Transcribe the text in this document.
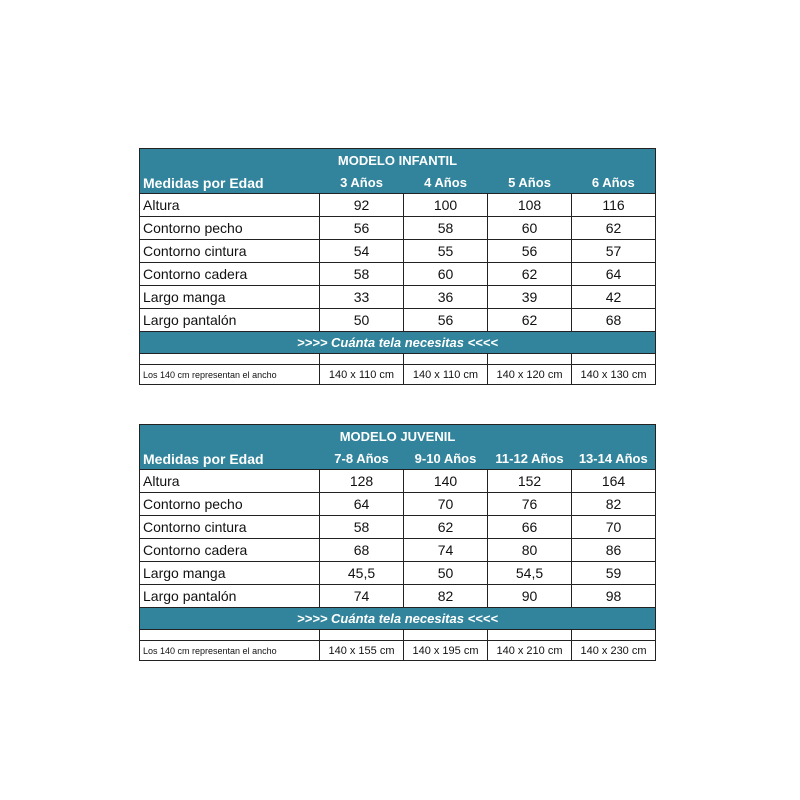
MODELO INFANTIL				
Medidas por Edad	3 Años	4 Años	5 Años	6 Años
Altura	92	100	108	116
Contorno pecho	56	58	60	62
Contorno cintura	54	55	56	57
Contorno cadera	58	60	62	64
Largo manga	33	36	39	42
Largo pantalón	50	56	62	68
>>>> Cuánta tela necesitas <<<<				

Los 140 cm representan el ancho	140 x 110 cm	140 x 110 cm	140 x 120 cm	140 x 130 cm
MODELO JUVENIL				
Medidas por Edad	7-8 Años	9-10 Años	11-12 Años	13-14 Años
Altura	128	140	152	164
Contorno pecho	64	70	76	82
Contorno cintura	58	62	66	70
Contorno cadera	68	74	80	86
Largo manga	45,5	50	54,5	59
Largo pantalón	74	82	90	98
>>>> Cuánta tela necesitas <<<<				

Los 140 cm representan el ancho	140 x 155 cm	140 x 195 cm	140 x 210 cm	140 x 230 cm
